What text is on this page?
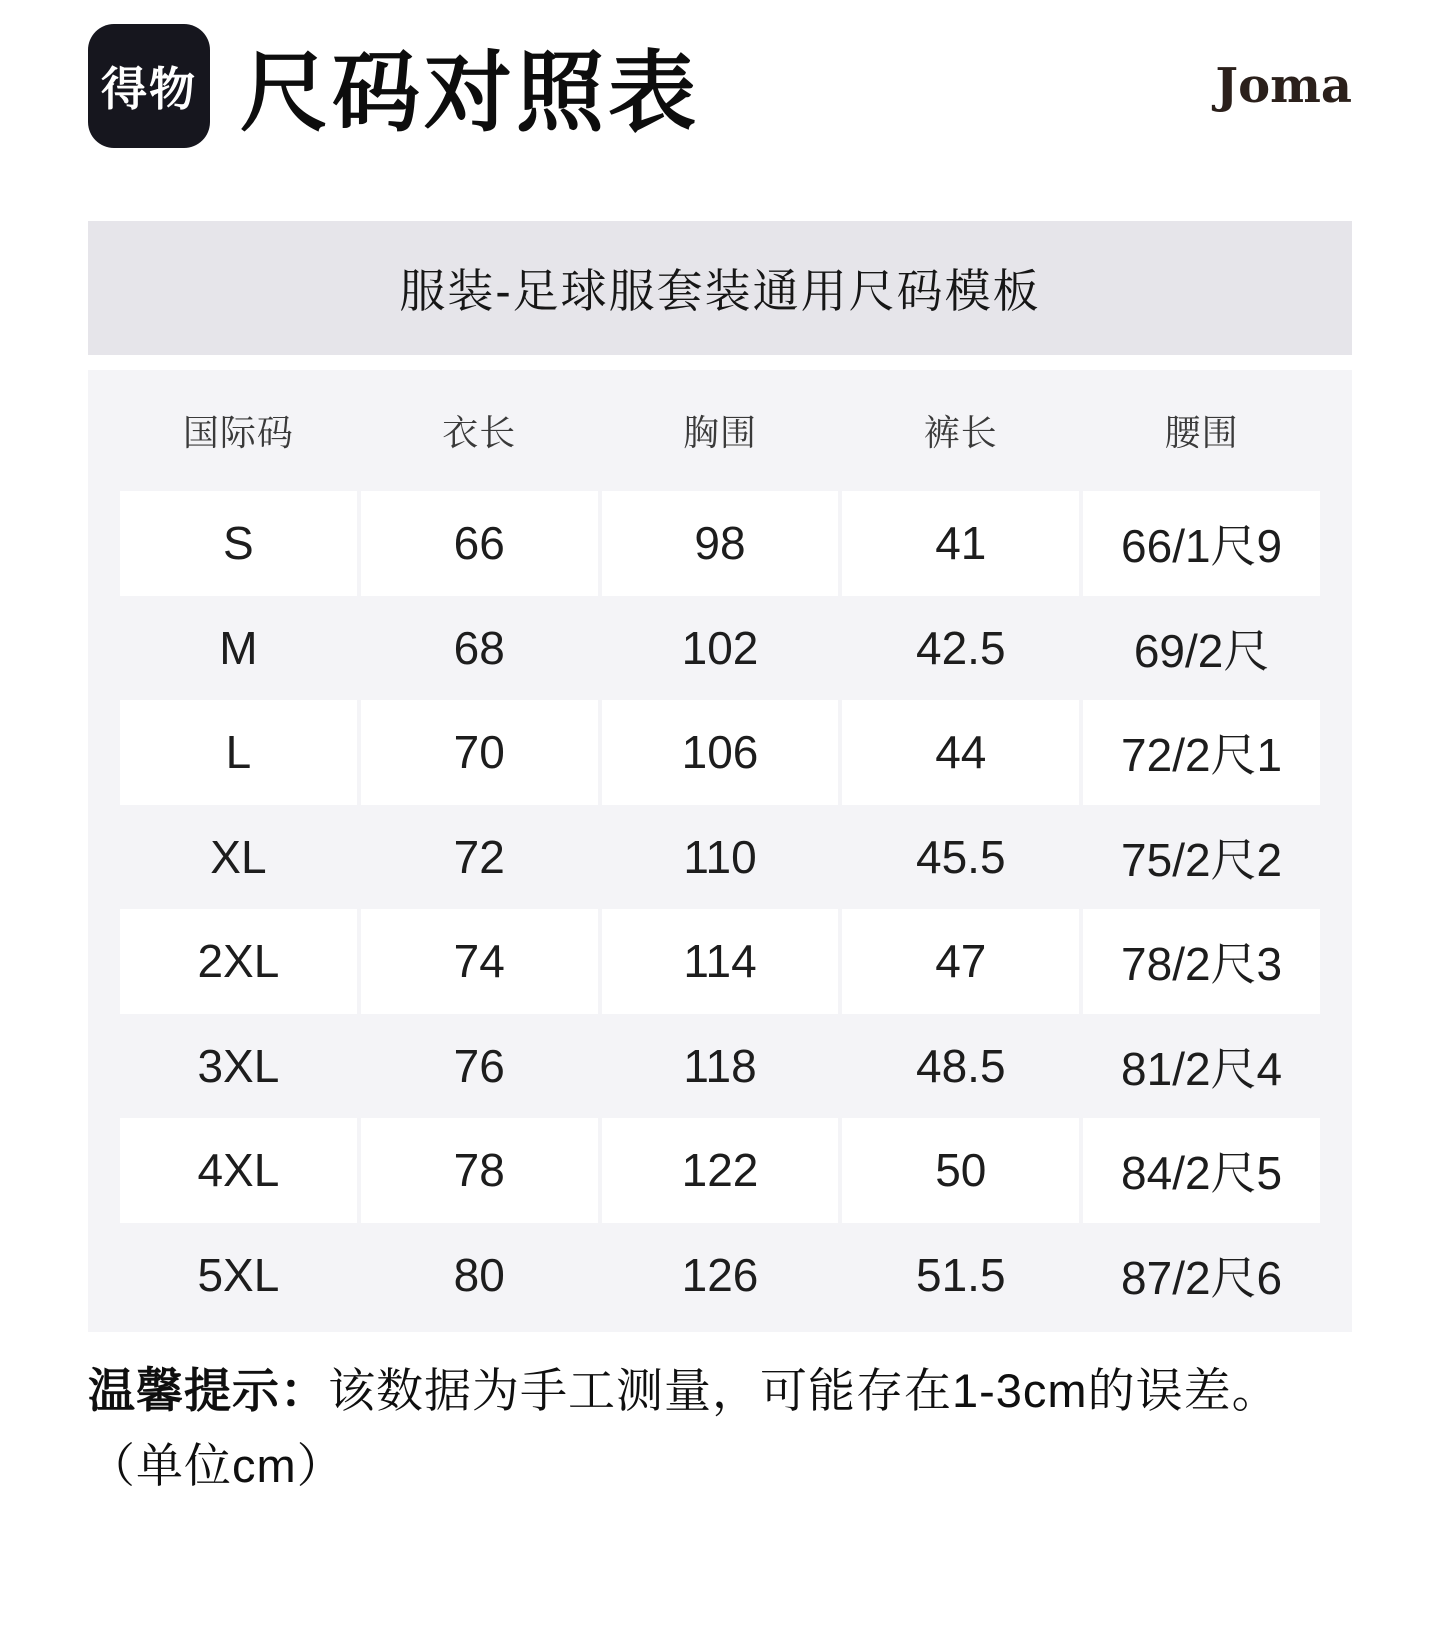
得物 尺码对照表	Joma
服装-足球服套装通用尺码模板
国际码	衣长	胸围	裤长	腰围
S	66	98	41	66/1尺9
M	68	102	42.5	69/2尺
L	70	106	44	72/2尺1
XL	72	110	45.5	75/2尺2
2XL	74	114	47	78/2尺3
3XL	76	118	48.5	81/2尺4
4XL	78	122	50	84/2尺5
5XL	80	126	51.5	87/2尺6

温馨提示：该数据为手工测量，可能存在1-3cm的误差。

（单位cm）
